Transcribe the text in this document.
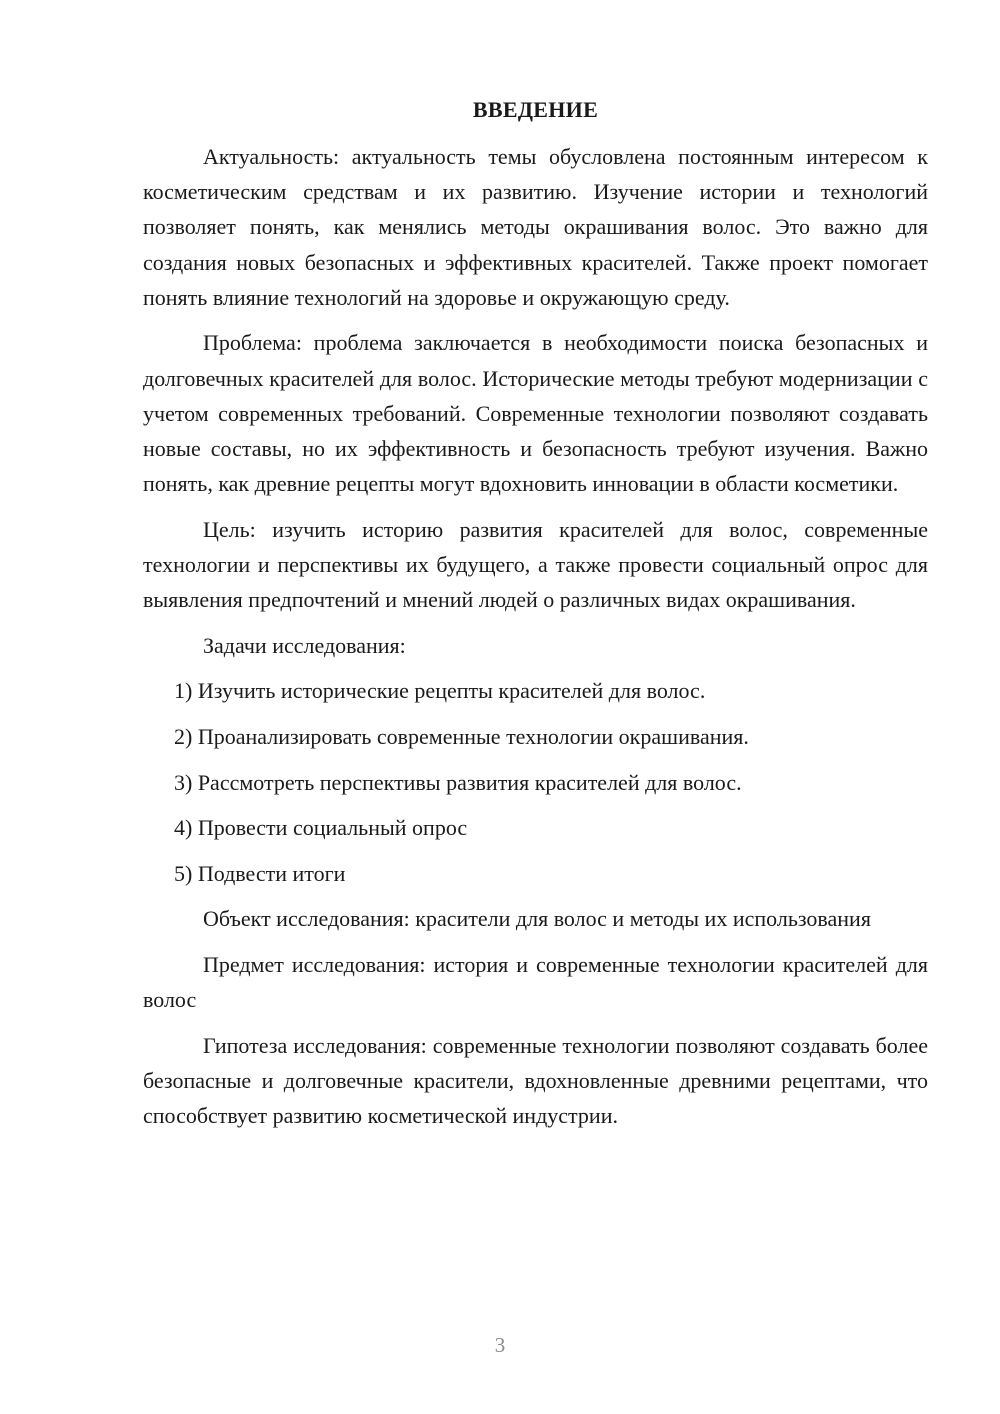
ВВЕДЕНИЕ

Актуальность: актуальность темы обусловлена постоянным интересом к косметическим средствам и их развитию. Изучение истории и технологий позволяет понять, как менялись методы окрашивания волос. Это важно для создания новых безопасных и эффективных красителей. Также проект помогает понять влияние технологий на здоровье и окружающую среду.

Проблема: проблема заключается в необходимости поиска безопасных и долговечных красителей для волос. Исторические методы требуют модернизации с учетом современных требований. Современные технологии позволяют создавать новые составы, но их эффективность и безопасность требуют изучения. Важно понять, как древние рецепты могут вдохновить инновации в области косметики.

Цель: изучить историю развития красителей для волос, современные технологии и перспективы их будущего, а также провести социальный опрос для выявления предпочтений и мнений людей о различных видах окрашивания.

Задачи исследования:

1) Изучить исторические рецепты красителей для волос.

2) Проанализировать современные технологии окрашивания.

3) Рассмотреть перспективы развития красителей для волос.

4) Провести социальный опрос

5) Подвести итоги

Объект исследования: красители для волос и методы их использования

Предмет исследования: история и современные технологии красителей для волос

Гипотеза исследования: современные технологии позволяют создавать более безопасные и долговечные красители, вдохновленные древними рецептами, что способствует развитию косметической индустрии.

3
